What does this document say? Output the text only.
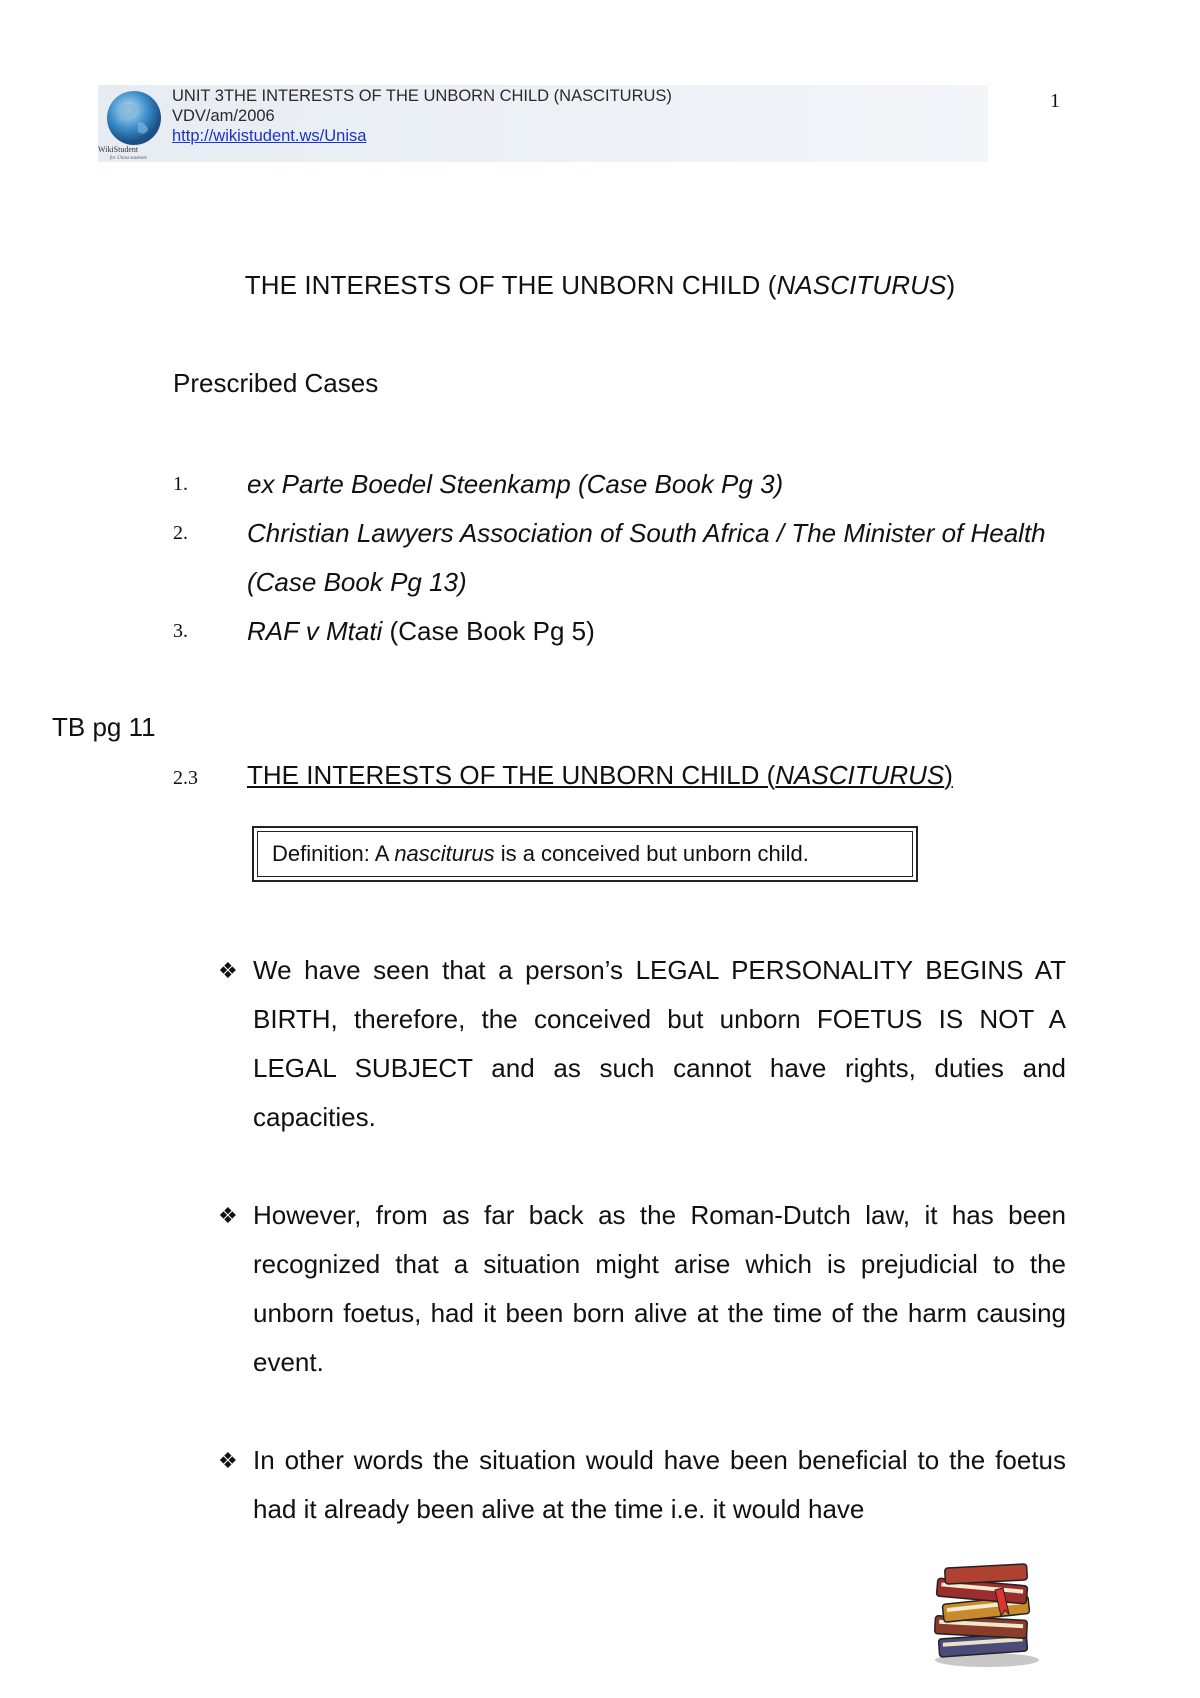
WikiStudent
for Unisa students
UNIT 3THE INTERESTS OF THE UNBORN CHILD (NASCITURUS)
VDV/am/2006
http://wikistudent.ws/Unisa
1
THE INTERESTS OF THE UNBORN CHILD (NASCITURUS)
Prescribed Cases
1. ex Parte Boedel Steenkamp (Case Book Pg 3)
2. Christian Lawyers Association of South Africa / The Minister of Health (Case Book Pg 13)
3. RAF v Mtati (Case Book Pg 5)
TB pg 11
2.3 THE INTERESTS OF THE UNBORN CHILD (NASCITURUS)
Definition: A nasciturus is a conceived but unborn child.
❖ We have seen that a person’s LEGAL PERSONALITY BEGINS AT BIRTH, therefore, the conceived but unborn FOETUS IS NOT A LEGAL SUBJECT and as such cannot have rights, duties and capacities.
❖ However, from as far back as the Roman-Dutch law, it has been recognized that a situation might arise which is prejudicial to the unborn foetus, had it been born alive at the time of the harm causing event.
❖ In other words the situation would have been beneficial to the foetus had it already been alive at the time i.e. it would have
